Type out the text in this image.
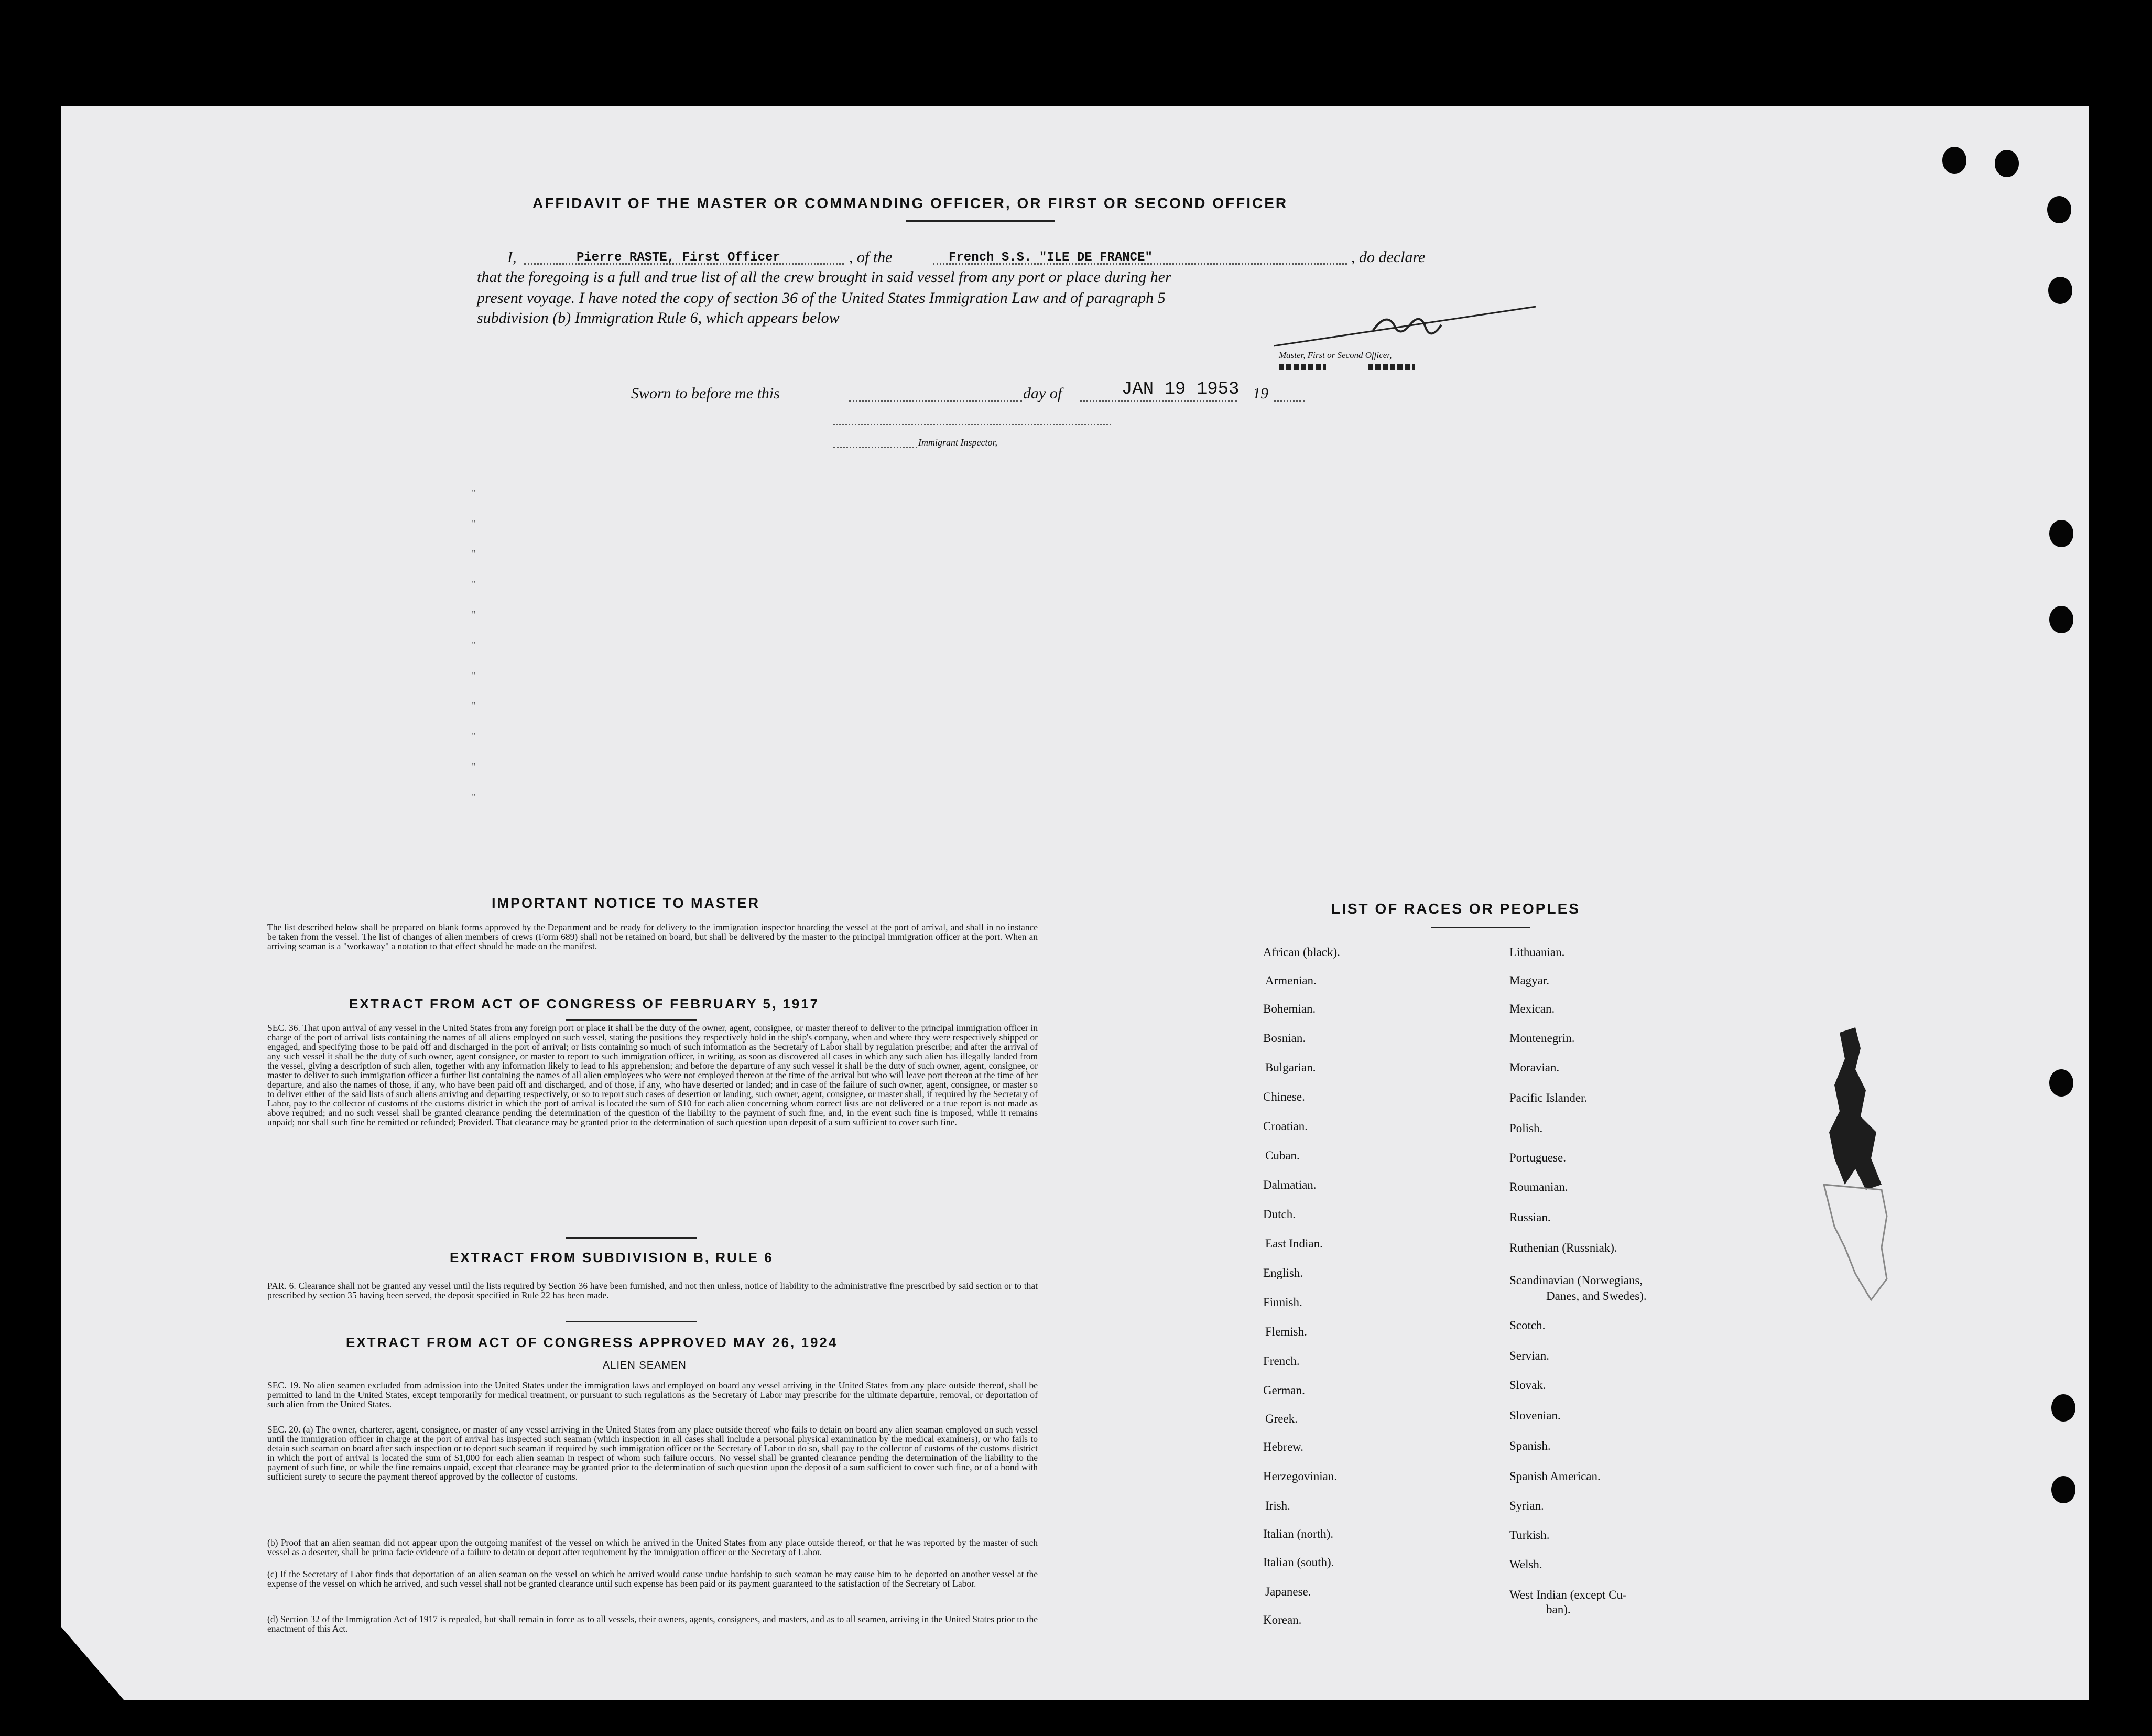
AFFIDAVIT OF THE MASTER OR COMMANDING OFFICER, OR FIRST OR SECOND OFFICER
I,	Pierre RASTE, First Officer	, of the	French S.S. "ILE DE FRANCE"	, do declare
that the foregoing is a full and true list of all the crew brought in said vessel from any port or place during her
present voyage. I have noted the copy of section 36 of the United States Immigration Law and of paragraph 5
subdivision (b) Immigration Rule 6, which appears below
Master, First or Second Officer,
Sworn to before me this	day of	JAN 19 1953 19
Immigrant Inspector,
"
"
"
"
"
"
"
"
"
"
"
IMPORTANT NOTICE TO MASTER
The list described below shall be prepared on blank forms approved by the Department and be ready for delivery to the immigration inspector boarding the vessel at the port of arrival, and shall in no instance be taken from the vessel. The list of changes of alien members of crews (Form 689) shall not be retained on board, but shall be delivered by the master to the principal immigration officer at the port. When an arriving seaman is a "workaway" a notation to that effect should be made on the manifest.
EXTRACT FROM ACT OF CONGRESS OF FEBRUARY 5, 1917
SEC. 36. That upon arrival of any vessel in the United States from any foreign port or place it shall be the duty of the owner, agent, consignee, or master thereof to deliver to the principal immigration officer in charge of the port of arrival lists containing the names of all aliens employed on such vessel, stating the positions they respectively hold in the ship's company, when and where they were respectively shipped or engaged, and specifying those to be paid off and discharged in the port of arrival; or lists containing so much of such information as the Secretary of Labor shall by regulation prescribe; and after the arrival of any such vessel it shall be the duty of such owner, agent consignee, or master to report to such immigration officer, in writing, as soon as discovered all cases in which any such alien has illegally landed from the vessel, giving a description of such alien, together with any information likely to lead to his apprehension; and before the departure of any such vessel it shall be the duty of such owner, agent, consignee, or master to deliver to such immigration officer a further list containing the names of all alien employees who were not employed thereon at the time of the arrival but who will leave port thereon at the time of her departure, and also the names of those, if any, who have been paid off and discharged, and of those, if any, who have deserted or landed; and in case of the failure of such owner, agent, consignee, or master so to deliver either of the said lists of such aliens arriving and departing respectively, or so to report such cases of desertion or landing, such owner, agent, consignee, or master shall, if required by the Secretary of Labor, pay to the collector of customs of the customs district in which the port of arrival is located the sum of $10 for each alien concerning whom correct lists are not delivered or a true report is not made as above required; and no such vessel shall be granted clearance pending the determination of the question of the liability to the payment of such fine, and, in the event such fine is imposed, while it remains unpaid; nor shall such fine be remitted or refunded; Provided. That clearance may be granted prior to the determination of such question upon deposit of a sum sufficient to cover such fine.
EXTRACT FROM SUBDIVISION B, RULE 6
PAR. 6. Clearance shall not be granted any vessel until the lists required by Section 36 have been furnished, and not then unless, notice of liability to the administrative fine prescribed by said section or to that prescribed by section 35 having been served, the deposit specified in Rule 22 has been made.
EXTRACT FROM ACT OF CONGRESS APPROVED MAY 26, 1924
ALIEN SEAMEN
SEC. 19. No alien seamen excluded from admission into the United States under the immigration laws and employed on board any vessel arriving in the United States from any place outside thereof, shall be permitted to land in the United States, except temporarily for medical treatment, or pursuant to such regulations as the Secretary of Labor may prescribe for the ultimate departure, removal, or deportation of such alien from the United States.
SEC. 20. (a) The owner, charterer, agent, consignee, or master of any vessel arriving in the United States from any place outside thereof who fails to detain on board any alien seaman employed on such vessel until the immigration officer in charge at the port of arrival has inspected such seaman (which inspection in all cases shall include a personal physical examination by the medical examiners), or who fails to detain such seaman on board after such inspection or to deport such seaman if required by such immigration officer or the Secretary of Labor to do so, shall pay to the collector of customs of the customs district in which the port of arrival is located the sum of $1,000 for each alien seaman in respect of whom such failure occurs. No vessel shall be granted clearance pending the determination of the liability to the payment of such fine, or while the fine remains unpaid, except that clearance may be granted prior to the determination of such question upon the deposit of a sum sufficient to cover such fine, or of a bond with sufficient surety to secure the payment thereof approved by the collector of customs.
(b) Proof that an alien seaman did not appear upon the outgoing manifest of the vessel on which he arrived in the United States from any place outside thereof, or that he was reported by the master of such vessel as a deserter, shall be prima facie evidence of a failure to detain or deport after requirement by the immigration officer or the Secretary of Labor.
(c) If the Secretary of Labor finds that deportation of an alien seaman on the vessel on which he arrived would cause undue hardship to such seaman he may cause him to be deported on another vessel at the expense of the vessel on which he arrived, and such vessel shall not be granted clearance until such expense has been paid or its payment guaranteed to the satisfaction of the Secretary of Labor.
(d) Section 32 of the Immigration Act of 1917 is repealed, but shall remain in force as to all vessels, their owners, agents, consignees, and masters, and as to all seamen, arriving in the United States prior to the enactment of this Act.
LIST OF RACES OR PEOPLES
African (black).
Armenian.
Bohemian.
Bosnian.
Bulgarian.
Chinese.
Croatian.
Cuban.
Dalmatian.
Dutch.
East Indian.
English.
Finnish.
Flemish.
French.
German.
Greek.
Hebrew.
Herzegovinian.
Irish.
Italian (north).
Italian (south).
Japanese.
Korean.
Lithuanian.
Magyar.
Mexican.
Montenegrin.
Moravian.
Pacific Islander.
Polish.
Portuguese.
Roumanian.
Russian.
Ruthenian (Russniak).
Scandinavian (Norwegians,
Danes, and Swedes).
Scotch.
Servian.
Slovak.
Slovenian.
Spanish.
Spanish American.
Syrian.
Turkish.
Welsh.
West Indian (except Cu-
ban).
